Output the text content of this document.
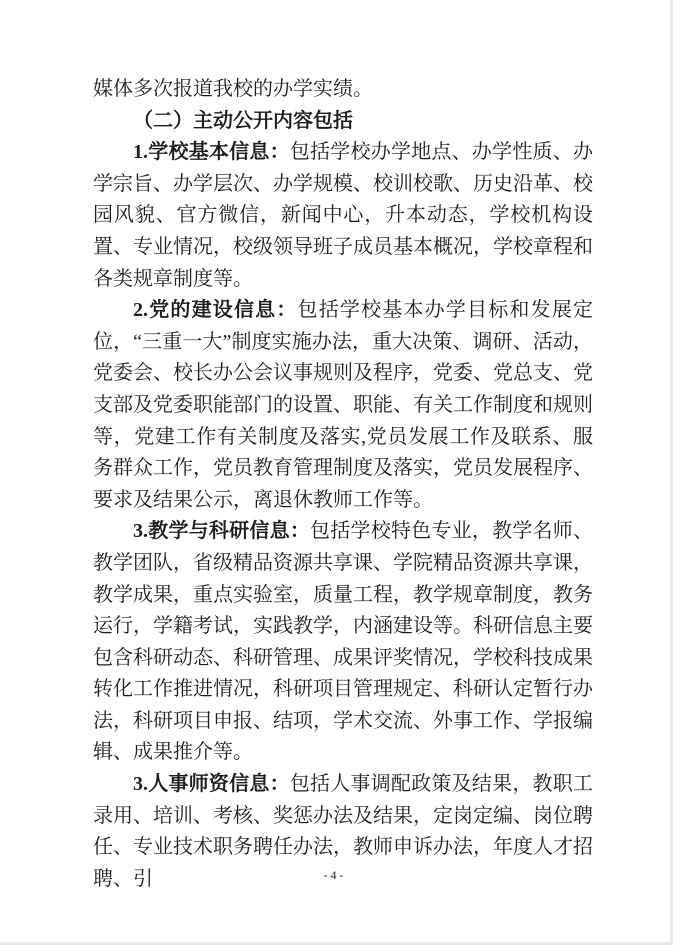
媒体多次报道我校的办学实绩。

（二）主动公开内容包括

1.学校基本信息：包括学校办学地点、办学性质、办学宗旨、办学层次、办学规模、校训校歌、历史沿革、校园风貌、官方微信，新闻中心，升本动态，学校机构设置、专业情况，校级领导班子成员基本概况，学校章程和各类规章制度等。

2.党的建设信息：包括学校基本办学目标和发展定位，“三重一大”制度实施办法，重大决策、调研、活动，党委会、校长办公会议事规则及程序，党委、党总支、党支部及党委职能部门的设置、职能、有关工作制度和规则等，党建工作有关制度及落实,党员发展工作及联系、服务群众工作，党员教育管理制度及落实，党员发展程序、要求及结果公示，离退休教师工作等。

3.教学与科研信息：包括学校特色专业，教学名师、教学团队，省级精品资源共享课、学院精品资源共享课，教学成果，重点实验室，质量工程，教学规章制度，教务运行，学籍考试，实践教学，内涵建设等。科研信息主要包含科研动态、科研管理、成果评奖情况，学校科技成果转化工作推进情况，科研项目管理规定、科研认定暂行办法，科研项目申报、结项，学术交流、外事工作、学报编辑、成果推介等。

3.人事师资信息：包括人事调配政策及结果，教职工录用、培训、考核、奖惩办法及结果，定岗定编、岗位聘任、专业技术职务聘任办法，教师申诉办法，年度人才招聘、引	- 4 -
